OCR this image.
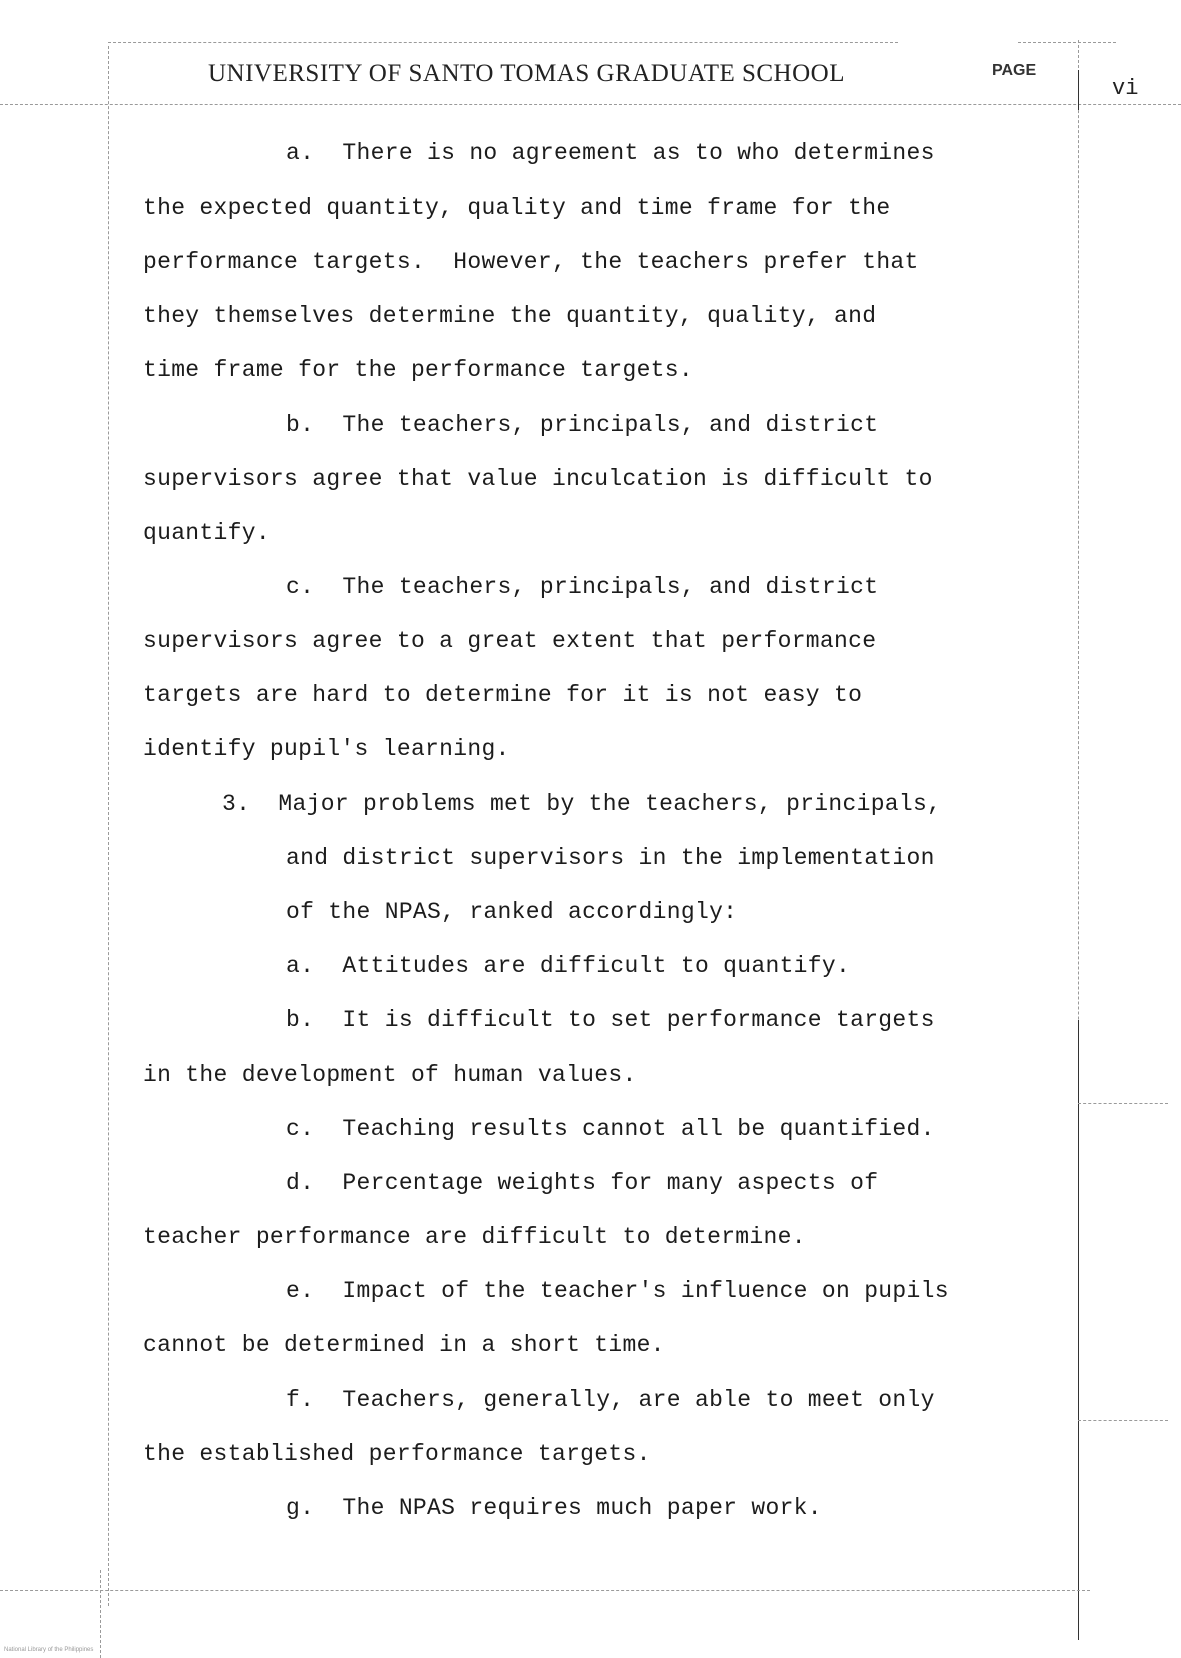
UNIVERSITY OF SANTO TOMAS GRADUATE SCHOOL	PAGE
vi
a.  There is no agreement as to who determines
the expected quantity, quality and time frame for the
performance targets.  However, the teachers prefer that
they themselves determine the quantity, quality, and
time frame for the performance targets.
b.  The teachers, principals, and district
supervisors agree that value inculcation is difficult to
quantify.
c.  The teachers, principals, and district
supervisors agree to a great extent that performance
targets are hard to determine for it is not easy to
identify pupil's learning.
3.  Major problems met by the teachers, principals,
and district supervisors in the implementation
of the NPAS, ranked accordingly:
a.  Attitudes are difficult to quantify.
b.  It is difficult to set performance targets
in the development of human values.
c.  Teaching results cannot all be quantified.
d.  Percentage weights for many aspects of
teacher performance are difficult to determine.
e.  Impact of the teacher's influence on pupils
cannot be determined in a short time.
f.  Teachers, generally, are able to meet only
the established performance targets.
g.  The NPAS requires much paper work.
National Library of the Philippines
